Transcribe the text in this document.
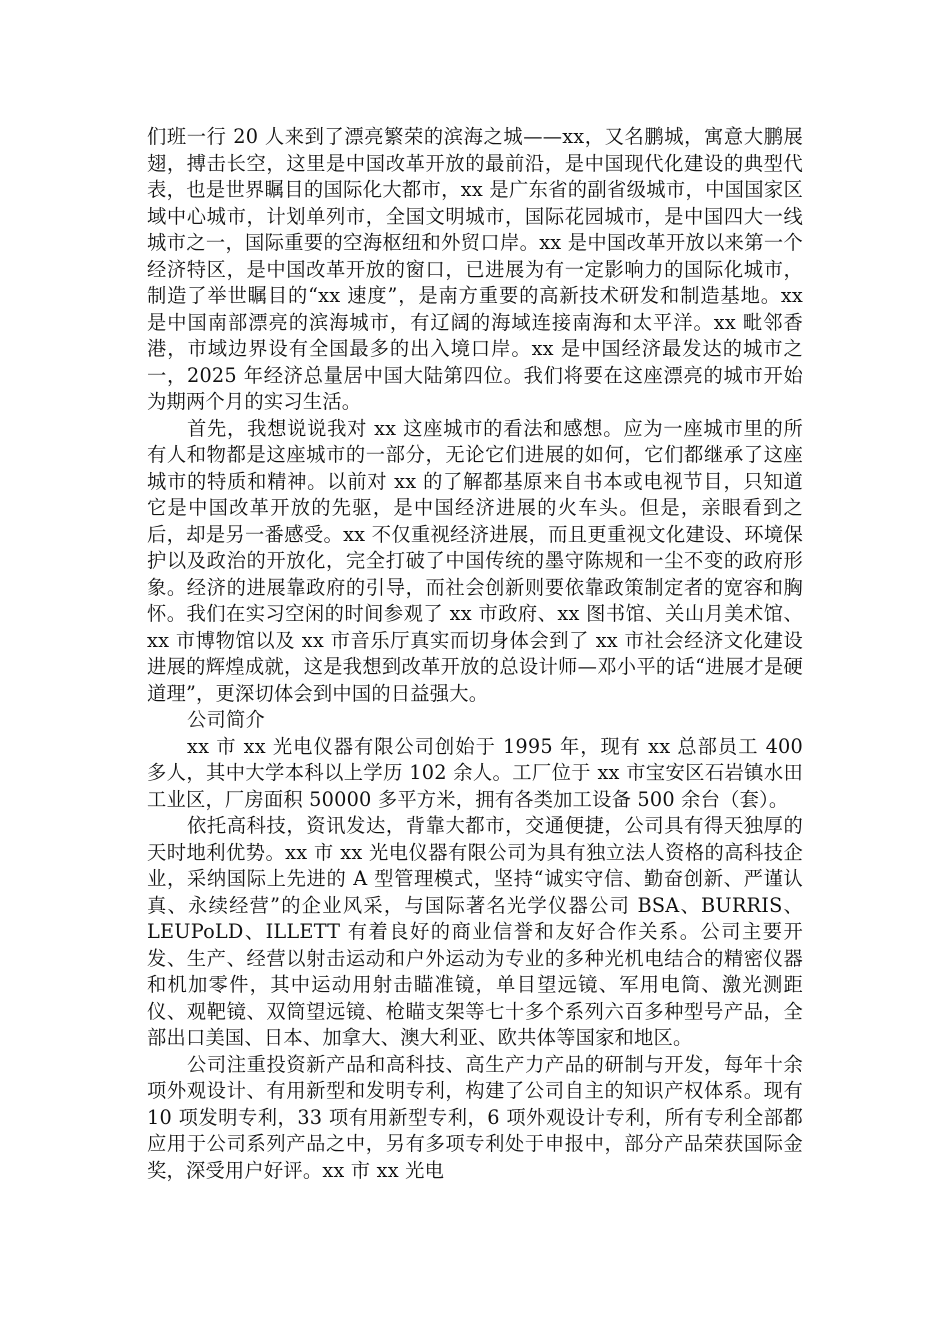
们班一行 20 人来到了漂亮繁荣的滨海之城——xx，又名鹏城，寓意大鹏展翅，搏击长空，这里是中国改革开放的最前沿，是中国现代化建设的典型代表，也是世界瞩目的国际化大都市，xx 是广东省的副省级城市，中国国家区域中心城市，计划单列市，全国文明城市，国际花园城市，是中国四大一线城市之一，国际重要的空海枢纽和外贸口岸。xx 是中国改革开放以来第一个经济特区，是中国改革开放的窗口，已进展为有一定影响力的国际化城市，制造了举世瞩目的“xx 速度”，是南方重要的高新技术研发和制造基地。xx 是中国南部漂亮的滨海城市，有辽阔的海域连接南海和太平洋。xx 毗邻香港，市域边界设有全国最多的出入境口岸。xx 是中国经济最发达的城市之一，2025 年经济总量居中国大陆第四位。我们将要在这座漂亮的城市开始为期两个月的实习生活。

首先，我想说说我对 xx 这座城市的看法和感想。应为一座城市里的所有人和物都是这座城市的一部分，无论它们进展的如何，它们都继承了这座城市的特质和精神。以前对 xx 的了解都基原来自书本或电视节目，只知道它是中国改革开放的先驱，是中国经济进展的火车头。但是，亲眼看到之后，却是另一番感受。xx 不仅重视经济进展，而且更重视文化建设、环境保护以及政治的开放化，完全打破了中国传统的墨守陈规和一尘不变的政府形象。经济的进展靠政府的引导，而社会创新则要依靠政策制定者的宽容和胸怀。我们在实习空闲的时间参观了 xx 市政府、xx 图书馆、关山月美术馆、xx 市博物馆以及 xx 市音乐厅真实而切身体会到了 xx 市社会经济文化建设进展的辉煌成就，这是我想到改革开放的总设计师—邓小平的话“进展才是硬道理”，更深切体会到中国的日益强大。

公司简介

xx 市 xx 光电仪器有限公司创始于 1995 年，现有 xx 总部员工 400 多人，其中大学本科以上学历 102 余人。工厂位于 xx 市宝安区石岩镇水田工业区，厂房面积 50000 多平方米，拥有各类加工设备 500 余台（套）。

依托高科技，资讯发达，背靠大都市，交通便捷，公司具有得天独厚的天时地利优势。xx 市 xx 光电仪器有限公司为具有独立法人资格的高科技企业，采纳国际上先进的 A 型管理模式，坚持“诚实守信、勤奋创新、严谨认真、永续经营”的企业风采，与国际著名光学仪器公司 BSA、BURRIS、LEUPoLD、ILLETT 有着良好的商业信誉和友好合作关系。公司主要开发、生产、经营以射击运动和户外运动为专业的多种光机电结合的精密仪器和机加零件，其中运动用射击瞄准镜，单目望远镜、军用电筒、激光测距仪、观靶镜、双筒望远镜、枪瞄支架等七十多个系列六百多种型号产品，全部出口美国、日本、加拿大、澳大利亚、欧共体等国家和地区。

公司注重投资新产品和高科技、高生产力产品的研制与开发，每年十余项外观设计、有用新型和发明专利，构建了公司自主的知识产权体系。现有 10 项发明专利，33 项有用新型专利，6 项外观设计专利，所有专利全部都应用于公司系列产品之中，另有多项专利处于申报中，部分产品荣获国际金奖，深受用户好评。xx 市 xx 光电
